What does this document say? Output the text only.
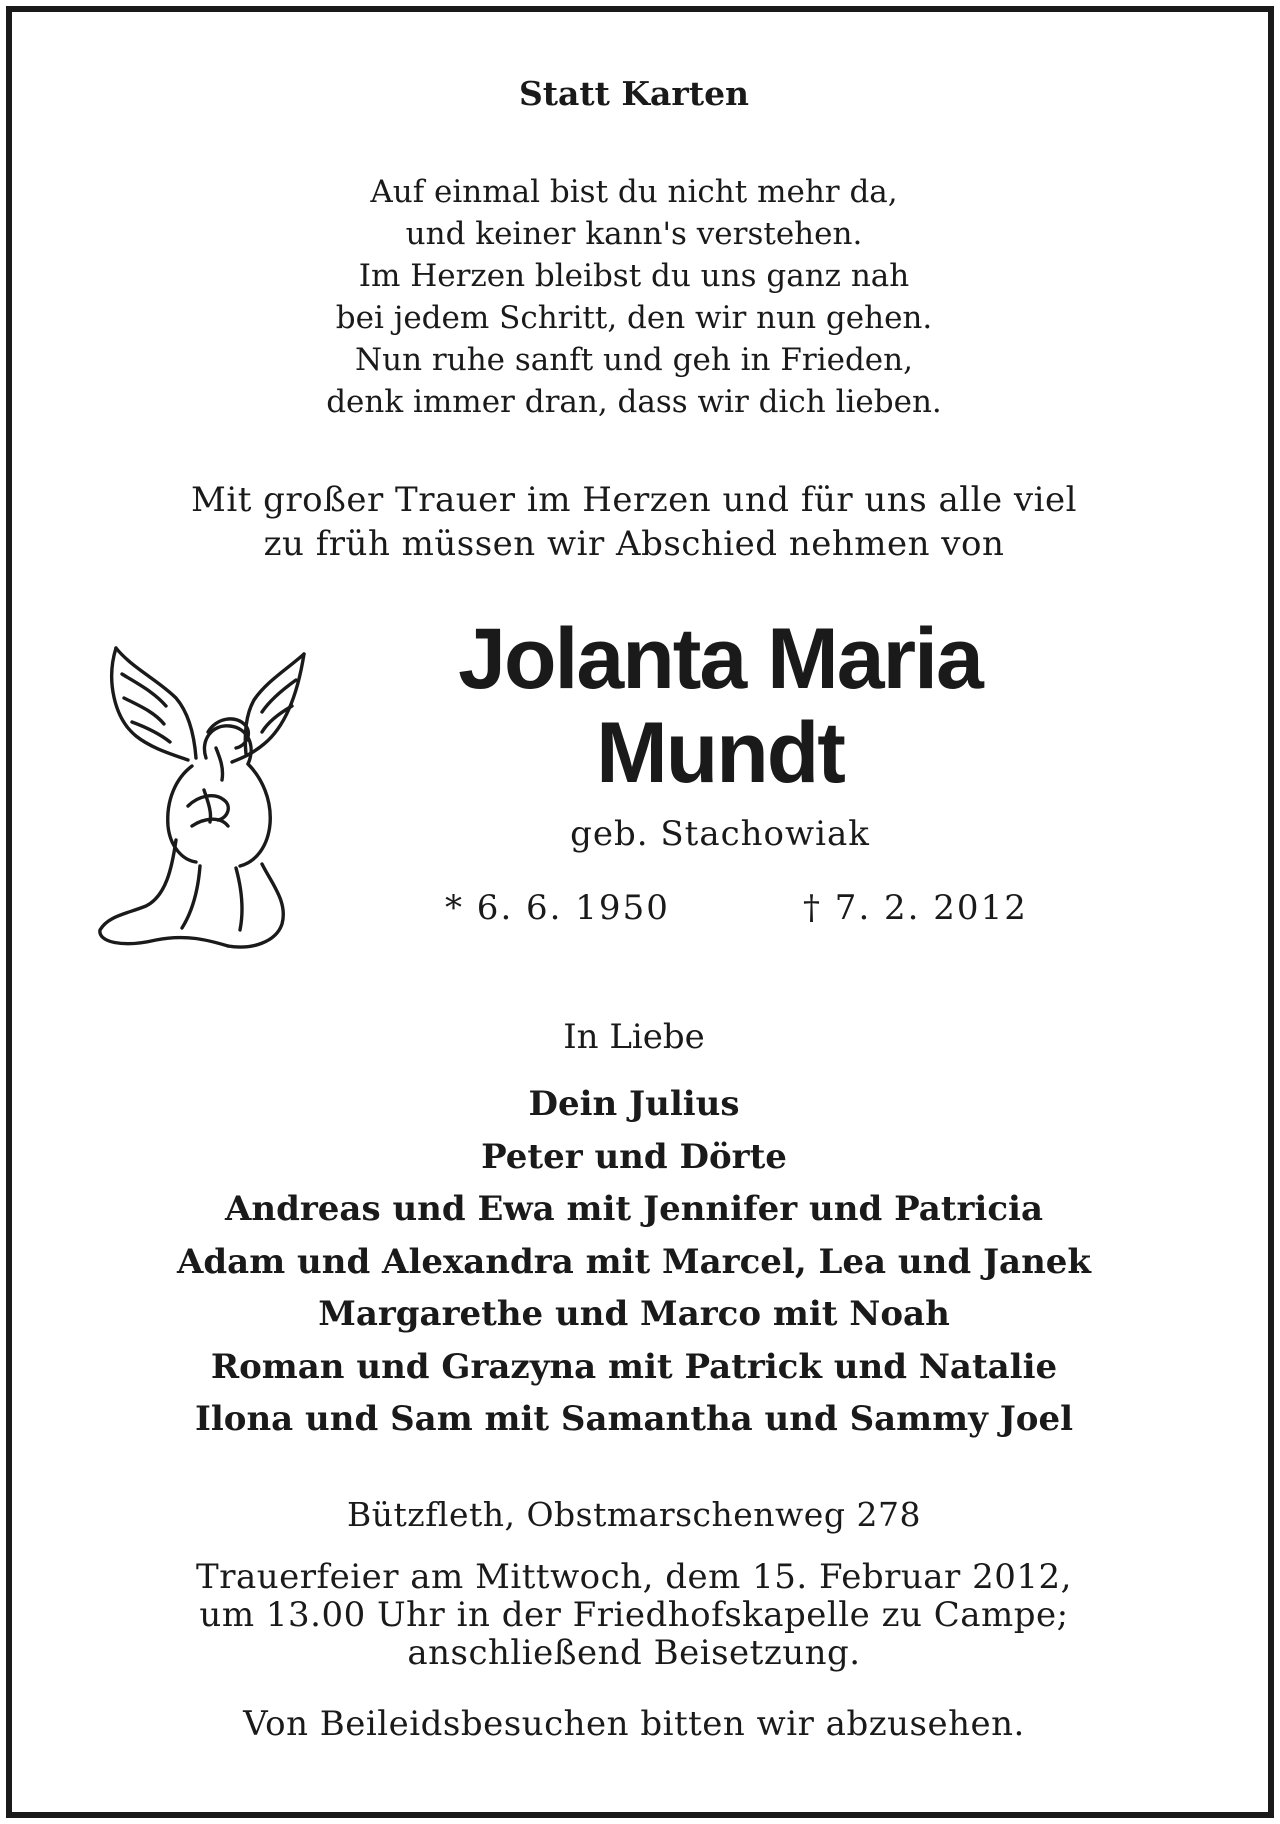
Statt Karten
Auf einmal bist du nicht mehr da,
und keiner kann's verstehen.
Im Herzen bleibst du uns ganz nah
bei jedem Schritt, den wir nun gehen.
Nun ruhe sanft und geh in Frieden,
denk immer dran, dass wir dich lieben.
Mit großer Trauer im Herzen und für uns alle viel
zu früh müssen wir Abschied nehmen von
Jolanta Maria
Mundt
geb. Stachowiak
* 6. 6. 1950	† 7. 2. 2012
In Liebe
Dein Julius
Peter und Dörte
Andreas und Ewa mit Jennifer und Patricia
Adam und Alexandra mit Marcel, Lea und Janek
Margarethe und Marco mit Noah
Roman und Grazyna mit Patrick und Natalie
Ilona und Sam mit Samantha und Sammy Joel
Bützfleth, Obstmarschenweg 278
Trauerfeier am Mittwoch, dem 15. Februar 2012,
um 13.00 Uhr in der Friedhofskapelle zu Campe;
anschließend Beisetzung.
Von Beileidsbesuchen bitten wir abzusehen.
